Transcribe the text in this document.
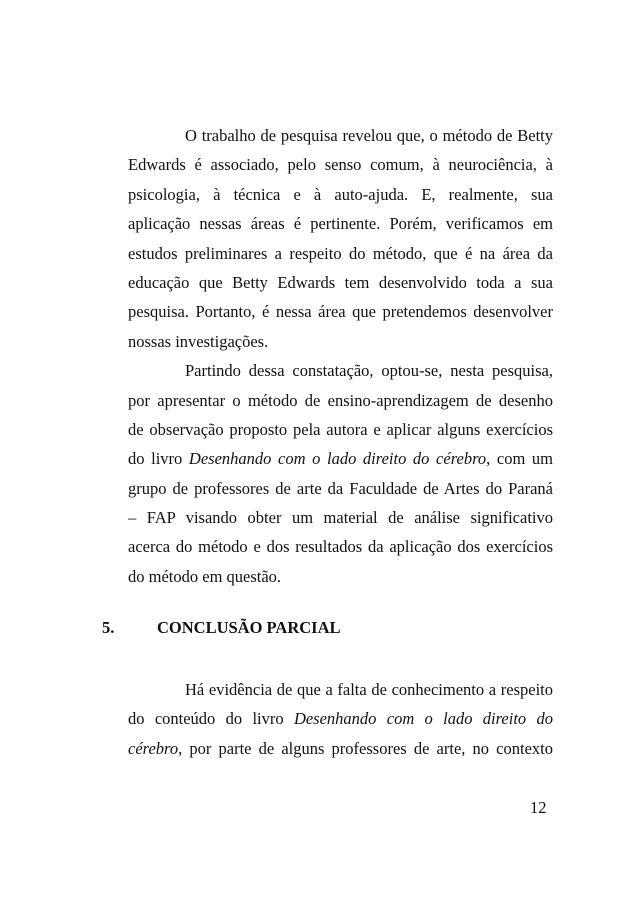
O trabalho de pesquisa revelou que, o método de Betty
Edwards é associado, pelo senso comum, à neurociência, à
psicologia, à técnica e à auto-ajuda. E, realmente, sua
aplicação nessas áreas é pertinente. Porém, verificamos em
estudos preliminares a respeito do método, que é na área da
educação que Betty Edwards tem desenvolvido toda a sua
pesquisa. Portanto, é nessa área que pretendemos desenvolver
nossas investigações.
Partindo dessa constatação, optou-se, nesta pesquisa,
por apresentar o método de ensino-aprendizagem de desenho
de observação proposto pela autora e aplicar alguns exercícios
do livro Desenhando com o lado direito do cérebro, com um
grupo de professores de arte da Faculdade de Artes do Paraná
– FAP visando obter um material de análise significativo
acerca do método e dos resultados da aplicação dos exercícios
do método em questão.
5.	CONCLUSÃO PARCIAL
Há evidência de que a falta de conhecimento a respeito
do conteúdo do livro Desenhando com o lado direito do
cérebro, por parte de alguns professores de arte, no contexto
12
